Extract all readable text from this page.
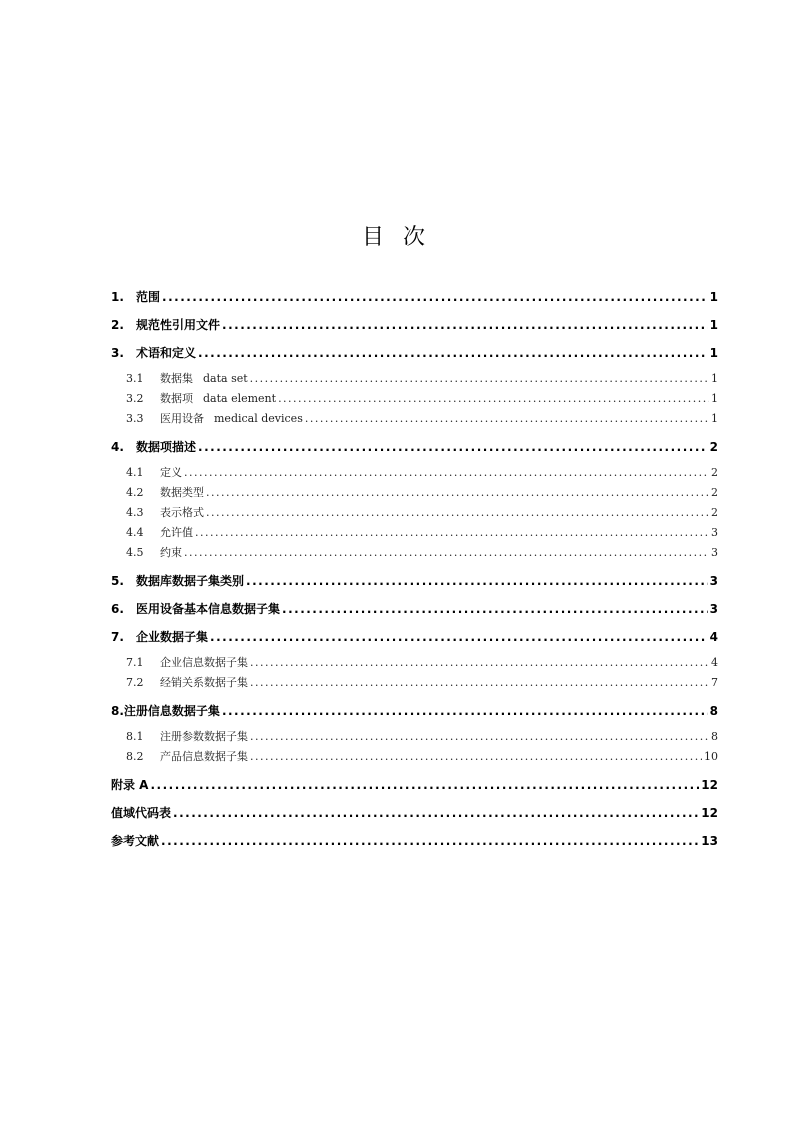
目 次
1.	范围 .....	1
2.	规范性引用文件 .....	1
3.	术语和定义 .....	1
3.1	数据集 data set .....	1
3.2	数据项 data element .....	1
3.3	医用设备 medical devices .....	1
4.	数据项描述 .....	2
4.1	定义 .....	2
4.2	数据类型 .....	2
4.3	表示格式 .....	2
4.4	允许值 .....	3
4.5	约束 .....	3
5.	数据库数据子集类别 .....	3
6.	医用设备基本信息数据子集 .....	3
7.	企业数据子集 .....	4
7.1	企业信息数据子集 .....	4
7.2	经销关系数据子集 .....	7
8. 注册信息数据子集 .....	8
8.1	注册参数数据子集 .....	8
8.2	产品信息数据子集 .....	10
附录 A .....	12
值域代码表 .....	12
参考文献 .....	13
